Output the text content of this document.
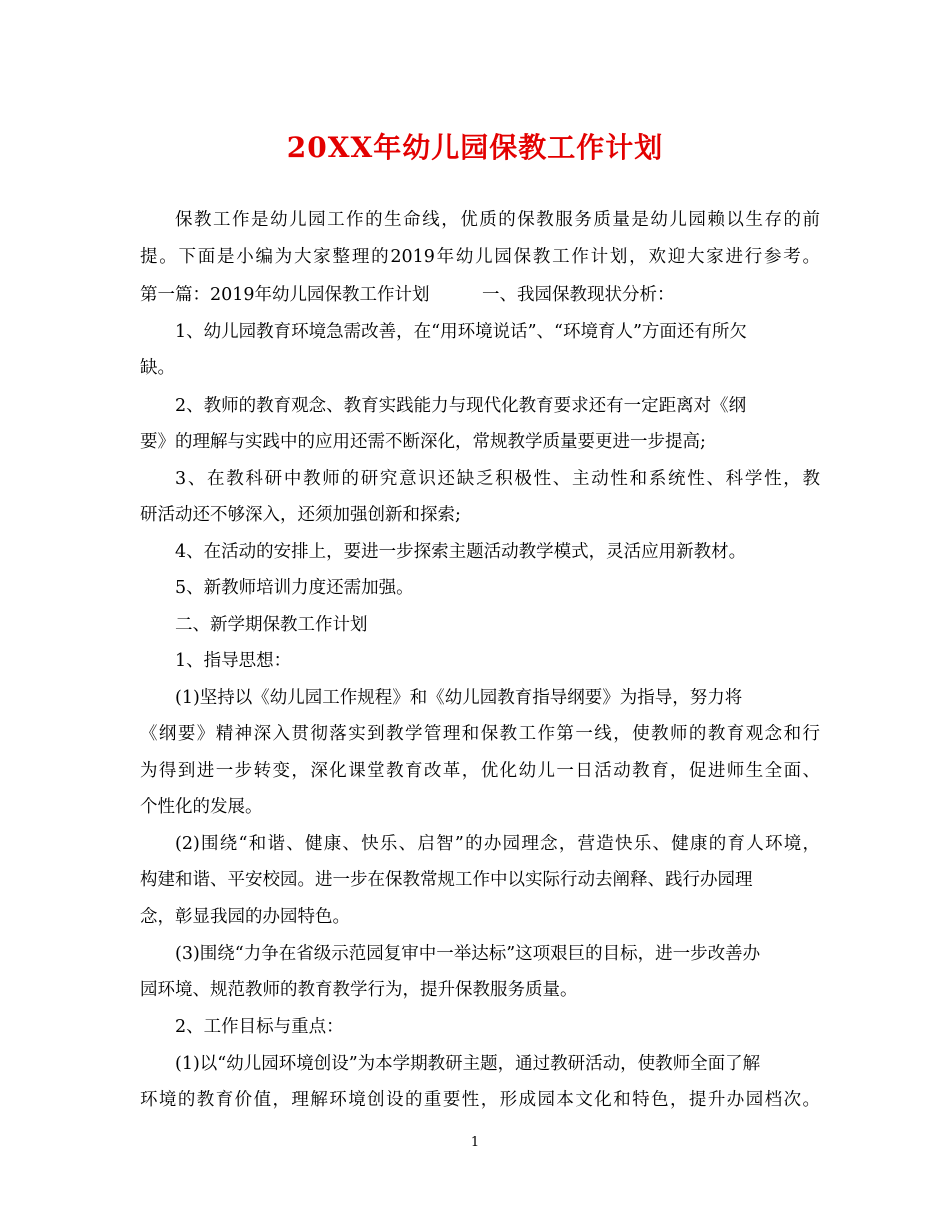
20XX年幼儿园保教工作计划
保教工作是幼儿园工作的生命线，优质的保教服务质量是幼儿园赖以生存的前
提。下面是小编为大家整理的2019年幼儿园保教工作计划，欢迎大家进行参考。
第一篇：2019年幼儿园保教工作计划　　　一、我园保教现状分析：
1、幼儿园教育环境急需改善，在“用环境说话”、“环境育人”方面还有所欠
缺。
2、教师的教育观念、教育实践能力与现代化教育要求还有一定距离对《纲
要》的理解与实践中的应用还需不断深化，常规教学质量要更进一步提高;
3、在教科研中教师的研究意识还缺乏积极性、主动性和系统性、科学性，教
研活动还不够深入，还须加强创新和探索;
4、在活动的安排上，要进一步探索主题活动教学模式，灵活应用新教材。
5、新教师培训力度还需加强。
二、新学期保教工作计划
1、指导思想：
(1)坚持以《幼儿园工作规程》和《幼儿园教育指导纲要》为指导，努力将
《纲要》精神深入贯彻落实到教学管理和保教工作第一线，使教师的教育观念和行
为得到进一步转变，深化课堂教育改革，优化幼儿一日活动教育，促进师生全面、
个性化的发展。
(2)围绕“和谐、健康、快乐、启智”的办园理念，营造快乐、健康的育人环境，
构建和谐、平安校园。进一步在保教常规工作中以实际行动去阐释、践行办园理
念，彰显我园的办园特色。
(3)围绕“力争在省级示范园复审中一举达标”这项艰巨的目标，进一步改善办
园环境、规范教师的教育教学行为，提升保教服务质量。
2、工作目标与重点：
(1)以“幼儿园环境创设”为本学期教研主题，通过教研活动，使教师全面了解
环境的教育价值，理解环境创设的重要性，形成园本文化和特色，提升办园档次。
1
